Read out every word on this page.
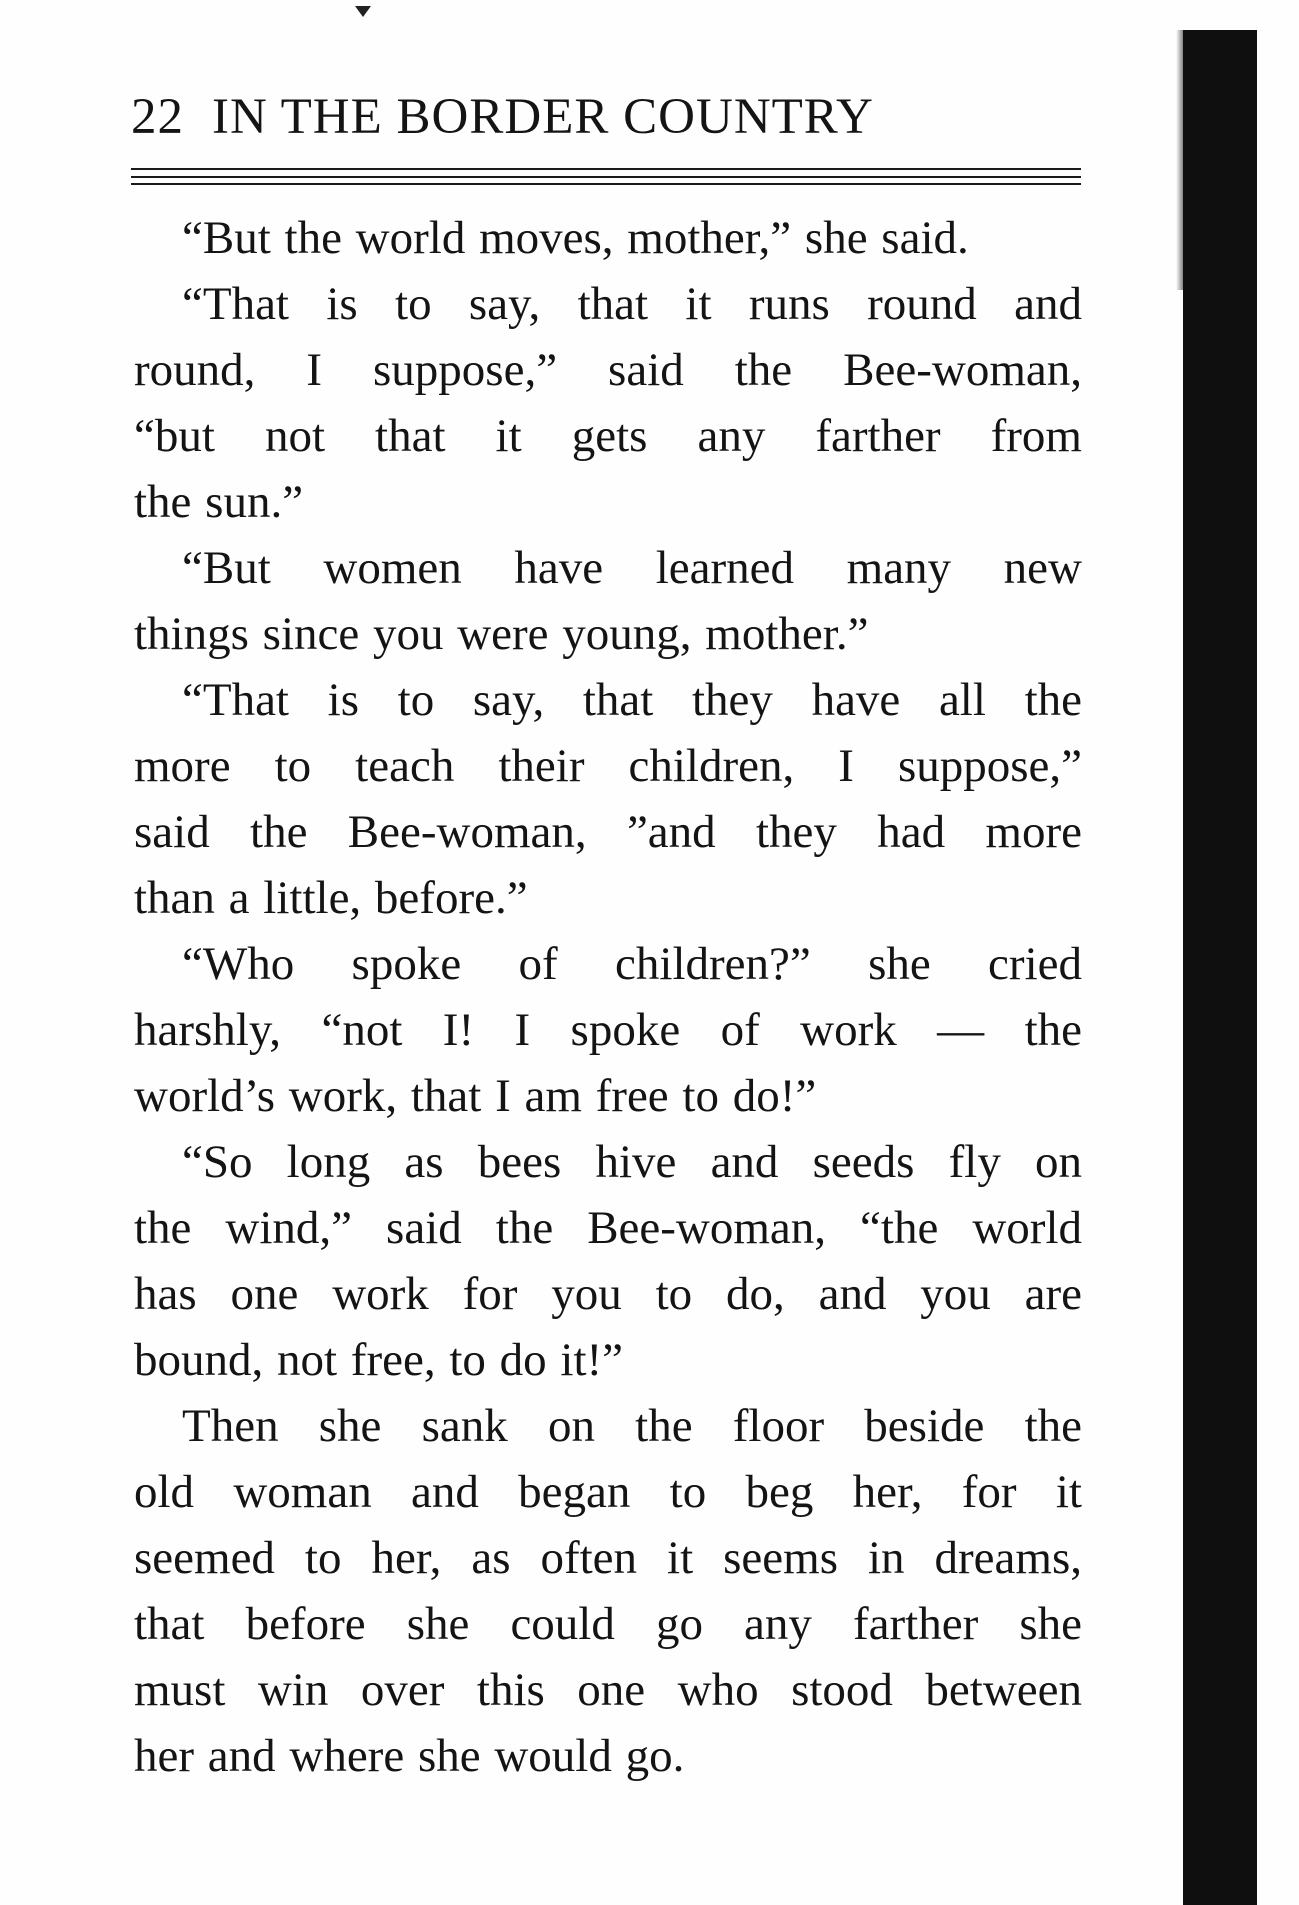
22 IN THE BORDER COUNTRY
“But the world moves, mother,” she said.
“That is to say, that it runs round and
round, I suppose,” said the Bee-woman,
“but not that it gets any farther from
the sun.”
“But women have learned many new
things since you were young, mother.”
“That is to say, that they have all the
more to teach their children, I suppose,”
said the Bee-woman, ”and they had more
than a little, before.”
“Who spoke of children?” she cried
harshly, “not I! I spoke of work — the
world’s work, that I am free to do!”
“So long as bees hive and seeds fly on
the wind,” said the Bee-woman, “the world
has one work for you to do, and you are
bound, not free, to do it!”
Then she sank on the floor beside the
old woman and began to beg her, for it
seemed to her, as often it seems in dreams,
that before she could go any farther she
must win over this one who stood between
her and where she would go.
